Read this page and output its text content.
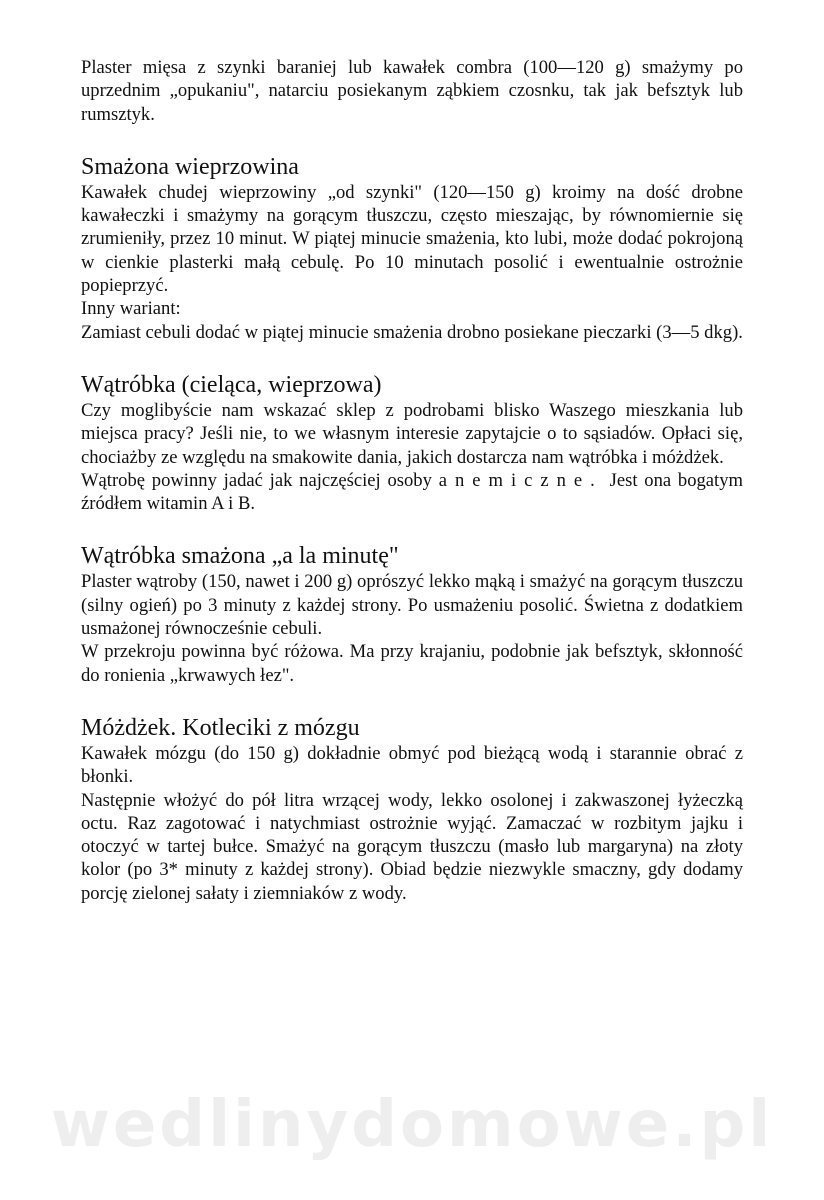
Plaster mięsa z szynki baraniej lub kawałek combra (100—120 g) smażymy po uprzednim „opukaniu", natarciu posiekanym ząbkiem czosnku, tak jak befsztyk lub rumsztyk.

Smażona wieprzowina

Kawałek chudej wieprzowiny „od szynki" (120—150 g) kroimy na dość drobne kawałeczki i smażymy na gorącym tłuszczu, często mieszając, by równomiernie się zrumieniły, przez 10 minut. W piątej minucie smażenia, kto lubi, może dodać pokrojoną w cienkie plasterki małą cebulę. Po 10 minutach posolić i ewentualnie ostrożnie popieprzyć.

Inny wariant:

Zamiast cebuli dodać w piątej minucie smażenia drobno posiekane pieczarki (3—5 dkg).

Wątróbka (cieląca, wieprzowa)

Czy moglibyście nam wskazać sklep z podrobami blisko Waszego mieszkania lub miejsca pracy? Jeśli nie, to we własnym interesie zapytajcie o to sąsiadów. Opłaci się, chociażby ze względu na smakowite dania, jakich dostarcza nam wątróbka i móżdżek.

Wątrobę powinny jadać jak najczęściej osoby anemiczne. Jest ona bogatym źródłem witamin A i B.

Wątróbka smażona „a la minutę"

Plaster wątroby (150, nawet i 200 g) oprószyć lekko mąką i smażyć na gorącym tłuszczu (silny ogień) po 3 minuty z każdej strony. Po usmażeniu posolić. Świetna z dodatkiem usmażonej równocześnie cebuli.

W przekroju powinna być różowa. Ma przy krajaniu, podobnie jak befsztyk, skłonność do ronienia „krwawych łez".

Móżdżek. Kotleciki z mózgu

Kawałek mózgu (do 150 g) dokładnie obmyć pod bieżącą wodą i starannie obrać z błonki.

Następnie włożyć do pół litra wrzącej wody, lekko osolonej i zakwaszonej łyżeczką octu. Raz zagotować i natychmiast ostrożnie wyjąć. Zamaczać w rozbitym jajku i otoczyć w tartej bułce. Smażyć na gorącym tłuszczu (masło lub margaryna) na złoty kolor (po 3* minuty z każdej strony). Obiad będzie niezwykle smaczny, gdy dodamy porcję zielonej sałaty i ziemniaków z wody.

wedlinydomowe.pl
